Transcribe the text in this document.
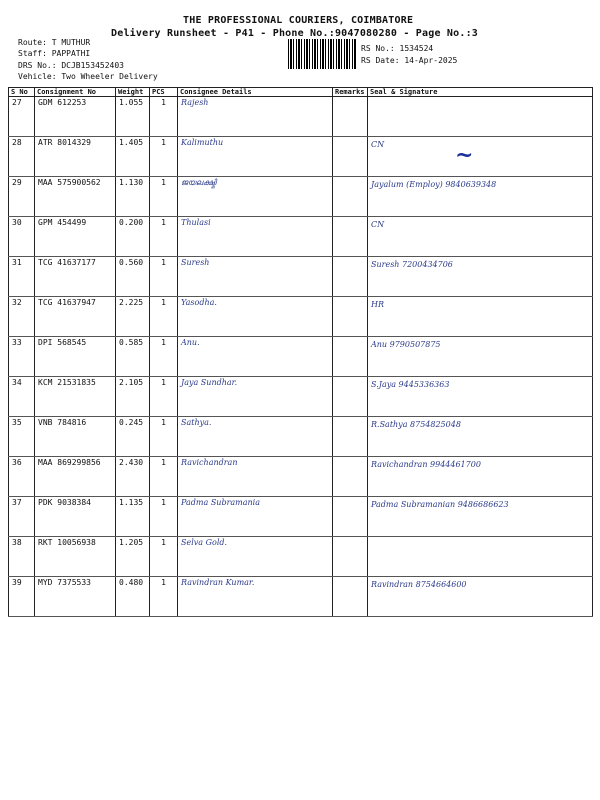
THE PROFESSIONAL COURIERS, COIMBATORE
Delivery Runsheet - P41 - Phone No.:9047080280 - Page No.:3
Route: T MUTHUR
Staff: PAPPATHI
DRS No.: DCJB153452403
Vehicle: Two Wheeler Delivery
RS No.: 1534524
RS Date: 14-Apr-2025
S No	Consignment No	Weight	PCS	Consignee Details	Remarks	Seal & Signature
27	GDM 612253	1.055	1	Rajesh		
28	ATR 8014329	1.405	1	Kalimuthu		CN
29	MAA 575900562	1.130	1	ജയലക്ഷ്മി		Jayalum (Employ) 9840639348
30	GPM 454499	0.200	1	Thulasi		CN
31	TCG 41637177	0.560	1	Suresh		Suresh 7200434706
32	TCG 41637947	2.225	1	Yasodha.		HR
33	DPI 568545	0.585	1	Anu.		Anu 9790507875
34	KCM 21531835	2.105	1	Jaya Sundhar.		S.Jaya 9445336363
35	VNB 784816	0.245	1	Sathya.		R.Sathya 8754825048
36	MAA 869299856	2.430	1	Ravichandran		Ravichandran 9944461700
37	PDK 9038384	1.135	1	Padma Subramania		Padma Subramanian 9486686623
38	RKT 10056938	1.205	1	Selva Gold.		
39	MYD 7375533	0.480	1	Ravindran Kumar.		Ravindran 8754664600
~
